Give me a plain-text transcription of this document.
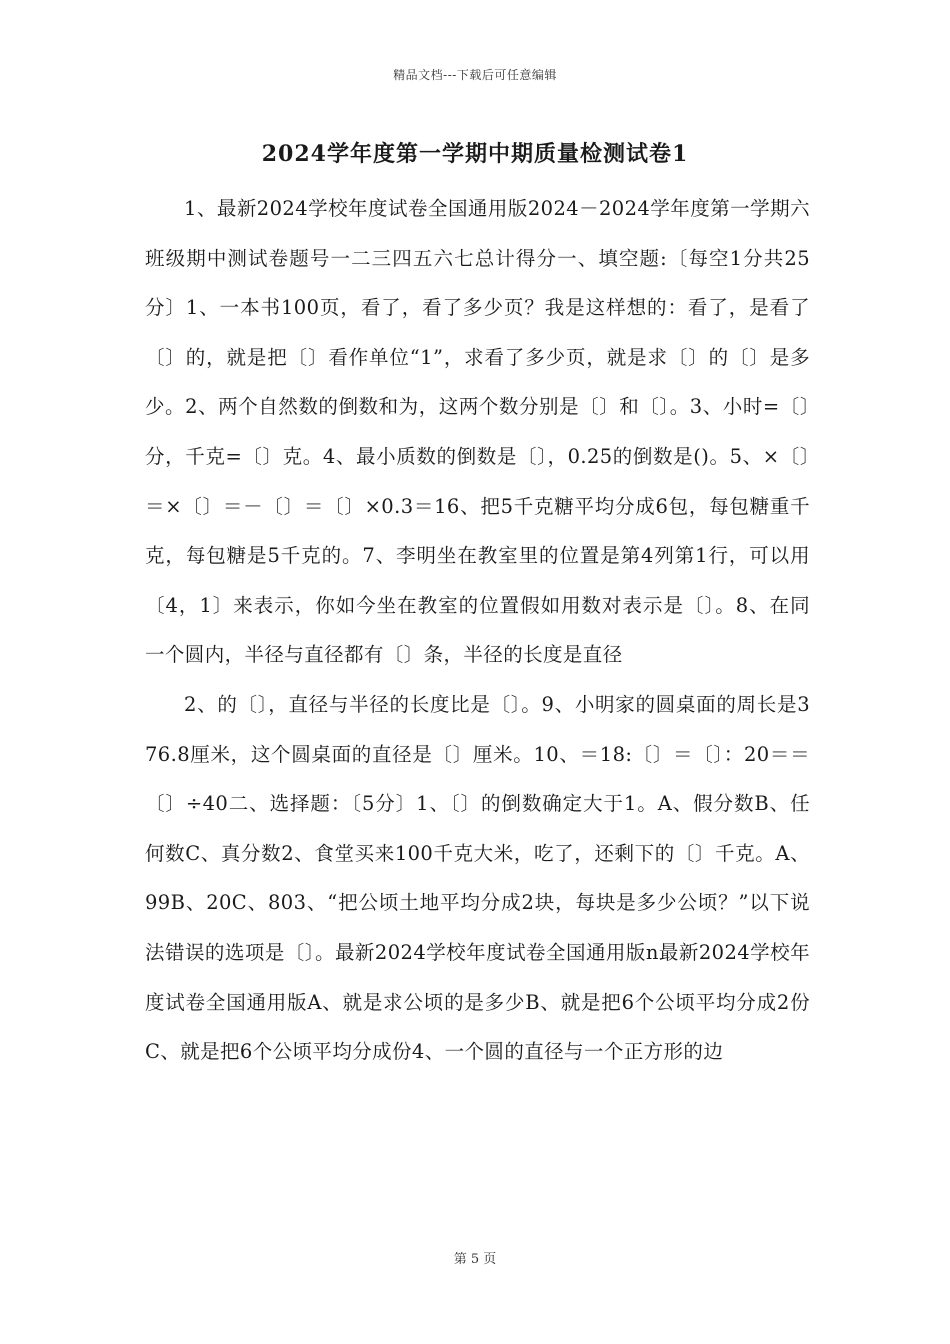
精品文档---下载后可任意编辑
2024学年度第一学期中期质量检测试卷1

1、最新2024学校年度试卷全国通用版2024－2024学年度第一学期六班级期中测试卷题号一二三四五六七总计得分一、填空题:〔每空1分共25分〕1、一本书100页，看了，看了多少页？我是这样想的：看了，是看了〔〕的，就是把〔〕看作单位“1”，求看了多少页，就是求〔〕的〔〕是多少。2、两个自然数的倒数和为，这两个数分别是〔〕和〔〕。3、小时=〔〕分，千克=〔〕克。4、最小质数的倒数是〔〕，0.25的倒数是()。5、×〔〕＝×〔〕＝－〔〕＝〔〕×0.3＝16、把5千克糖平均分成6包，每包糖重千克，每包糖是5千克的。7、李明坐在教室里的位置是第4列第1行，可以用〔4，1〕来表示，你如今坐在教室的位置假如用数对表示是〔〕。8、在同一个圆内，半径与直径都有〔〕条，半径的长度是直径

2、的〔〕，直径与半径的长度比是〔〕。9、小明家的圆桌面的周长是376.8厘米，这个圆桌面的直径是〔〕厘米。10、＝18:〔〕＝〔〕：20＝＝〔〕÷40二、选择题：〔5分〕1、〔〕的倒数确定大于1。A、假分数B、任何数C、真分数2、食堂买来100千克大米，吃了，还剩下的〔〕千克。A、99B、20C、803、“把公顷土地平均分成2块，每块是多少公顷？”以下说法错误的选项是〔〕。最新2024学校年度试卷全国通用版n最新2024学校年度试卷全国通用版A、就是求公顷的是多少B、就是把6个公顷平均分成2份C、就是把6个公顷平均分成份4、一个圆的直径与一个正方形的边

第 5 页
